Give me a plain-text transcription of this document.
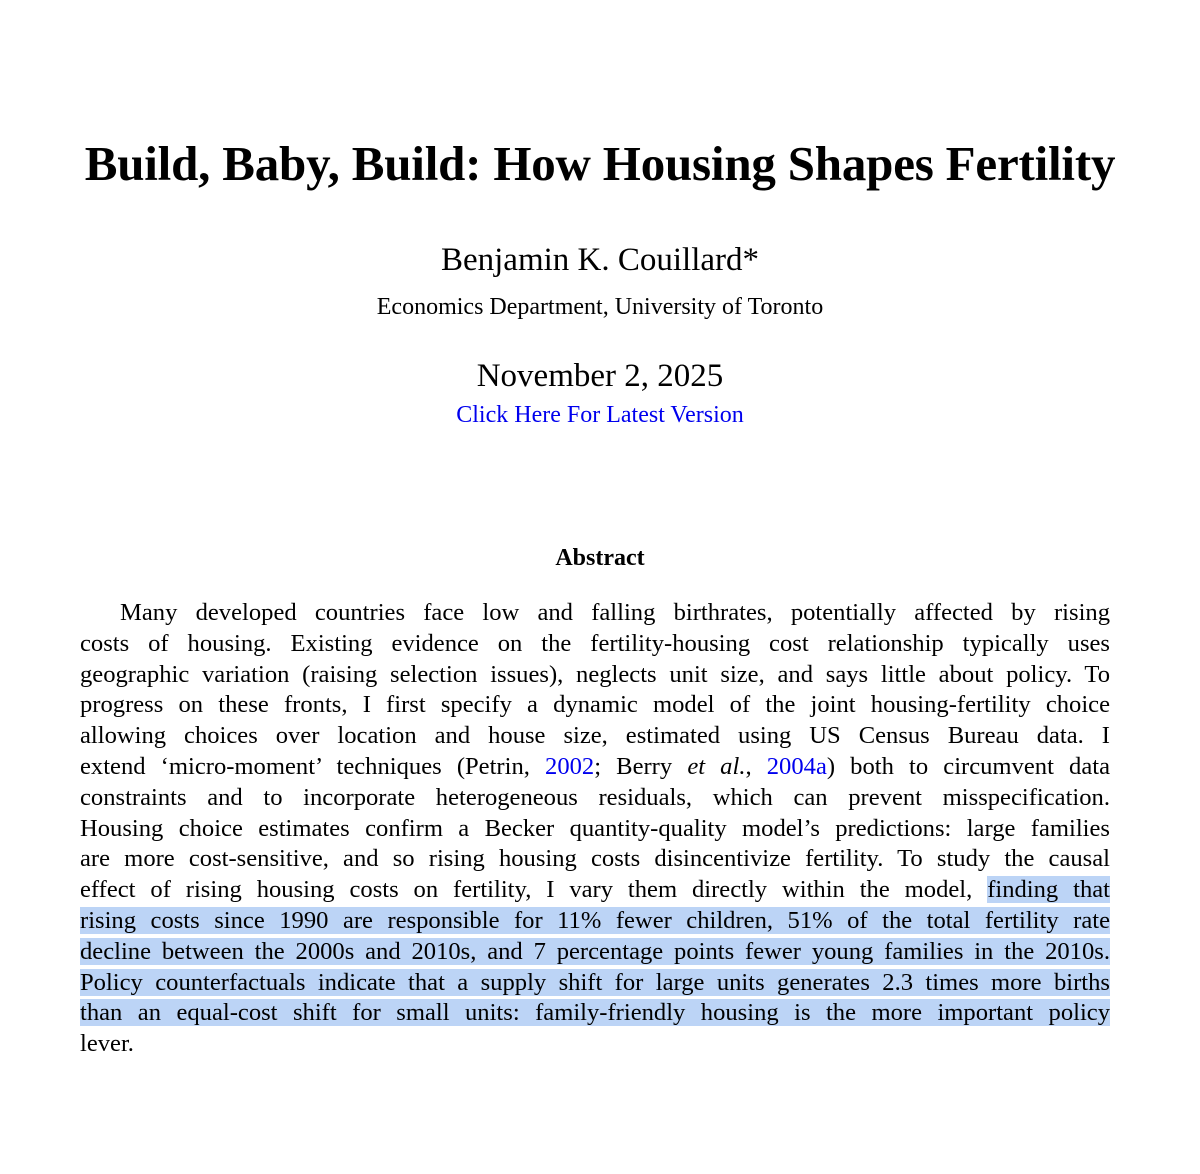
Build, Baby, Build: How Housing Shapes Fertility
Benjamin K. Couillard*
Economics Department, University of Toronto
November 2, 2025
Click Here For Latest Version
Abstract
Many developed countries face low and falling birthrates, potentially affected by rising
costs of housing. Existing evidence on the fertility-housing cost relationship typically uses
geographic variation (raising selection issues), neglects unit size, and says little about policy. To
progress on these fronts, I first specify a dynamic model of the joint housing-fertility choice
allowing choices over location and house size, estimated using US Census Bureau data. I
extend ‘micro-moment’ techniques (Petrin, 2002; Berry et al., 2004a) both to circumvent data
constraints and to incorporate heterogeneous residuals, which can prevent misspecification.
Housing choice estimates confirm a Becker quantity-quality model’s predictions: large families
are more cost-sensitive, and so rising housing costs disincentivize fertility. To study the causal
effect of rising housing costs on fertility, I vary them directly within the model, finding that
rising costs since 1990 are responsible for 11% fewer children, 51% of the total fertility rate
decline between the 2000s and 2010s, and 7 percentage points fewer young families in the 2010s.
Policy counterfactuals indicate that a supply shift for large units generates 2.3 times more births
than an equal-cost shift for small units: family-friendly housing is the more important policy
lever.
